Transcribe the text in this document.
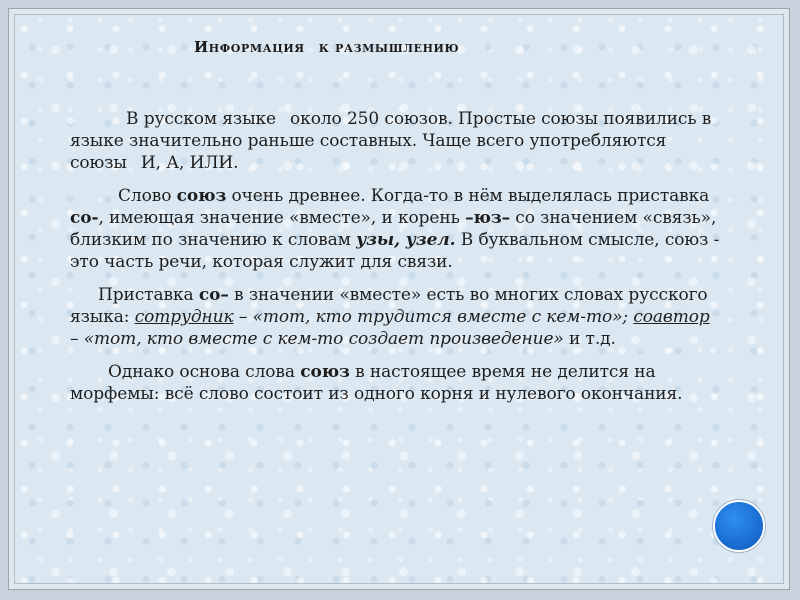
Информация к размышлению

В русском языке около 250 союзов. Простые союзы появились в языке значительно раньше составных. Чаще всего употребляются союзы И, А, ИЛИ.

Слово союз очень древнее. Когда-то в нём выделялась приставка со-, имеющая значение «вместе», и корень –юз– со значением «связь», близким по значению к словам узы, узел. В буквальном смысле, союз - это часть речи, которая служит для связи.

Приставка со– в значении «вместе» есть во многих словах русского языка: сотрудник – «тот, кто трудится вместе с кем-то»; соавтор – «тот, кто вместе с кем-то создает произведение» и т.д.

Однако основа слова союз в настоящее время не делится на морфемы: всё слово состоит из одного корня и нулевого окончания.
